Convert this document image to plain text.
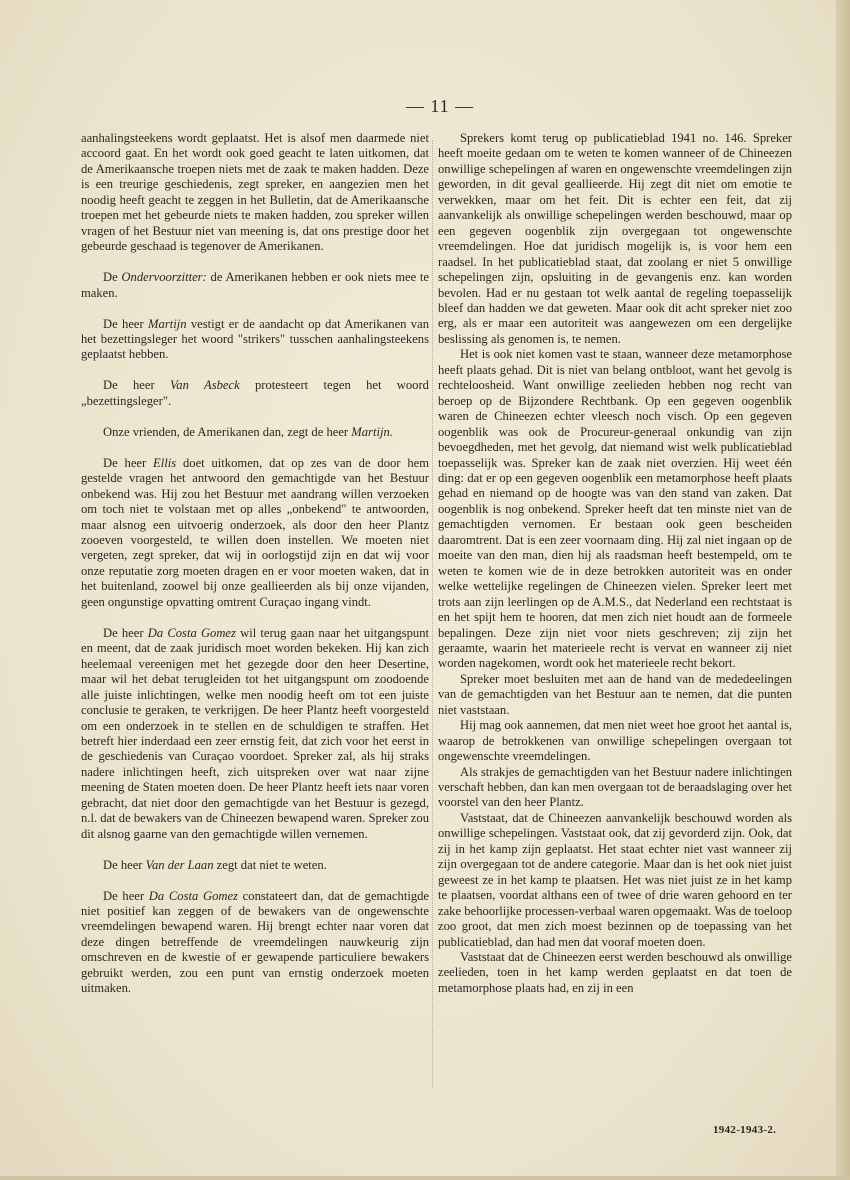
— 11 —

aanhalingsteekens wordt geplaatst. Het is alsof men daarmede niet accoord gaat. En het wordt ook goed geacht te laten uitkomen, dat de Amerikaansche troepen niets met de zaak te maken hadden. Deze is een treurige geschiedenis, zegt spreker, en aangezien men het noodig heeft geacht te zeggen in het Bulletin, dat de Amerikaansche troepen met het gebeurde niets te maken hadden, zou spreker willen vragen of het Bestuur niet van meening is, dat ons prestige door het gebeurde geschaad is tegenover de Amerikanen.

De Ondervoorzitter: de Amerikanen hebben er ook niets mee te maken.

De heer Martijn vestigt er de aandacht op dat Amerikanen van het bezettingsleger het woord "strikers" tusschen aanhalingsteekens geplaatst hebben.

De heer Van Asbeck protesteert tegen het woord „bezettingsleger".

Onze vrienden, de Amerikanen dan, zegt de heer Martijn.

De heer Ellis doet uitkomen, dat op zes van de door hem gestelde vragen het antwoord den gemachtigde van het Bestuur onbekend was. Hij zou het Bestuur met aandrang willen verzoeken om toch niet te volstaan met op alles „onbekend" te antwoorden, maar alsnog een uitvoerig onderzoek, als door den heer Plantz zooeven voorgesteld, te willen doen instellen. We moeten niet vergeten, zegt spreker, dat wij in oorlogstijd zijn en dat wij voor onze reputatie zorg moeten dragen en er voor moeten waken, dat in het buitenland, zoowel bij onze geallieerden als bij onze vijanden, geen ongunstige opvatting omtrent Curaçao ingang vindt.

De heer Da Costa Gomez wil terug gaan naar het uitgangspunt en meent, dat de zaak juridisch moet worden bekeken. Hij kan zich heelemaal vereenigen met het gezegde door den heer Desertine, maar wil het debat terugleiden tot het uitgangspunt om zoodoende alle juiste inlichtingen, welke men noodig heeft om tot een juiste conclusie te geraken, te verkrijgen. De heer Plantz heeft voorgesteld om een onderzoek in te stellen en de schuldigen te straffen. Het betreft hier inderdaad een zeer ernstig feit, dat zich voor het eerst in de geschiedenis van Curaçao voordoet. Spreker zal, als hij straks nadere inlichtingen heeft, zich uitspreken over wat naar zijne meening de Staten moeten doen. De heer Plantz heeft iets naar voren gebracht, dat niet door den gemachtigde van het Bestuur is gezegd, n.l. dat de bewakers van de Chineezen bewapend waren. Spreker zou dit alsnog gaarne van den gemachtigde willen vernemen.

De heer Van der Laan zegt dat niet te weten.

De heer Da Costa Gomez constateert dan, dat de gemachtigde niet positief kan zeggen of de bewakers van de ongewenschte vreemdelingen bewapend waren. Hij brengt echter naar voren dat deze dingen betreffende de vreemdelingen nauwkeurig zijn omschreven en de kwestie of er gewapende particuliere bewakers gebruikt werden, zou een punt van ernstig onderzoek moeten uitmaken.

Sprekers komt terug op publicatieblad 1941 no. 146. Spreker heeft moeite gedaan om te weten te komen wanneer of de Chineezen onwillige schepelingen af waren en ongewenschte vreemdelingen zijn geworden, in dit geval geallieerde. Hij zegt dit niet om emotie te verwekken, maar om het feit. Dit is echter een feit, dat zij aanvankelijk als onwillige schepelingen werden beschouwd, maar op een gegeven oogenblik zijn overgegaan tot ongewenschte vreemdelingen. Hoe dat juridisch mogelijk is, is voor hem een raadsel. In het publicatieblad staat, dat zoolang er niet 5 onwillige schepelingen zijn, opsluiting in de gevangenis enz. kan worden bevolen. Had er nu gestaan tot welk aantal de regeling toepasselijk bleef dan hadden we dat geweten. Maar ook dit acht spreker niet zoo erg, als er maar een autoriteit was aangewezen om een dergelijke beslissing als genomen is, te nemen.

Het is ook niet komen vast te staan, wanneer deze metamorphose heeft plaats gehad. Dit is niet van belang ontbloot, want het gevolg is rechteloosheid. Want onwillige zeelieden hebben nog recht van beroep op de Bijzondere Rechtbank. Op een gegeven oogenblik waren de Chineezen echter vleesch noch visch. Op een gegeven oogenblik was ook de Procureur-generaal onkundig van zijn bevoegdheden, met het gevolg, dat niemand wist welk publicatieblad toepasselijk was. Spreker kan de zaak niet overzien. Hij weet één ding: dat er op een gegeven oogenblik een metamorphose heeft plaats gehad en niemand op de hoogte was van den stand van zaken. Dat oogenblik is nog onbekend. Spreker heeft dat ten minste niet van de gemachtigden vernomen. Er bestaan ook geen bescheiden daaromtrent. Dat is een zeer voornaam ding. Hij zal niet ingaan op de moeite van den man, dien hij als raadsman heeft bestempeld, om te weten te komen wie de in deze betrokken autoriteit was en onder welke wettelijke regelingen de Chineezen vielen. Spreker leert met trots aan zijn leerlingen op de A.M.S., dat Nederland een rechtstaat is en het spijt hem te hooren, dat men zich niet houdt aan de formeele bepalingen. Deze zijn niet voor niets geschreven; zij zijn het geraamte, waarin het materieele recht is vervat en wanneer zij niet worden nagekomen, wordt ook het materieele recht bekort.

Spreker moet besluiten met aan de hand van de mededeelingen van de gemachtigden van het Bestuur aan te nemen, dat die punten niet vaststaan.

Hij mag ook aannemen, dat men niet weet hoe groot het aantal is, waarop de betrokkenen van onwillige schepelingen overgaan tot ongewenschte vreemdelingen.

Als strakjes de gemachtigden van het Bestuur nadere inlichtingen verschaft hebben, dan kan men overgaan tot de beraadslaging over het voorstel van den heer Plantz.

Vaststaat, dat de Chineezen aanvankelijk beschouwd worden als onwillige schepelingen. Vaststaat ook, dat zij gevorderd zijn. Ook, dat zij in het kamp zijn geplaatst. Het staat echter niet vast wanneer zij zijn overgegaan tot de andere categorie. Maar dan is het ook niet juist geweest ze in het kamp te plaatsen. Het was niet juist ze in het kamp te plaatsen, voordat althans een of twee of drie waren gehoord en ter zake behoorlijke processen-verbaal waren opgemaakt. Was de toeloop zoo groot, dat men zich moest bezinnen op de toepassing van het publicatieblad, dan had men dat vooraf moeten doen.

Vaststaat dat de Chineezen eerst werden beschouwd als onwillige zeelieden, toen in het kamp werden geplaatst en dat toen de metamorphose plaats had, en zij in een

1942-1943-2.
